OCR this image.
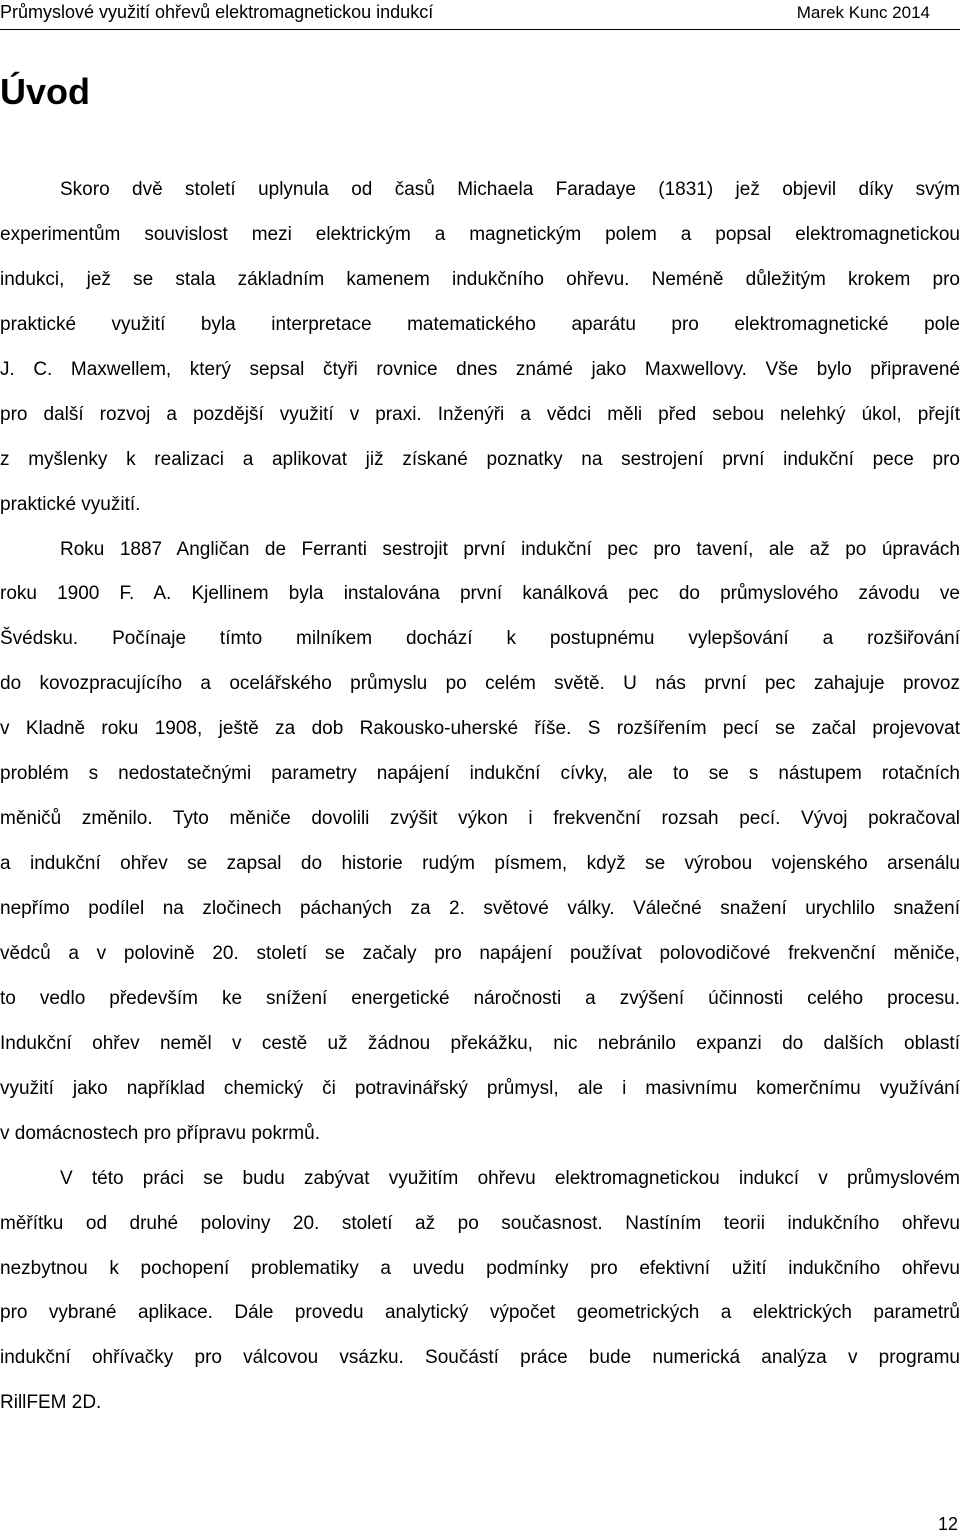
Průmyslové využití ohřevů elektromagnetickou indukcí	Marek Kunc 2014
Úvod
Skoro dvě století uplynula od časů Michaela Faradaye (1831) jež objevil díky svým
experimentům souvislost mezi elektrickým a magnetickým polem a popsal elektromagnetickou
indukci, jež se stala základním kamenem indukčního ohřevu. Neméně důležitým krokem pro
praktické využití byla interpretace matematického aparátu pro elektromagnetické pole
J. C. Maxwellem, který sepsal čtyři rovnice dnes známé jako Maxwellovy. Vše bylo připravené
pro další rozvoj a pozdější využití v praxi. Inženýři a vědci měli před sebou nelehký úkol, přejít
z myšlenky k realizaci a aplikovat již získané poznatky na sestrojení první indukční pece pro
praktické využití.
Roku 1887 Angličan de Ferranti sestrojit první indukční pec pro tavení, ale až po úpravách
roku 1900 F. A. Kjellinem byla instalována první kanálková pec do průmyslového závodu ve
Švédsku. Počínaje tímto milníkem dochází k postupnému vylepšování a rozšiřování
do kovozpracujícího a ocelářského průmyslu po celém světě. U nás první pec zahajuje provoz
v Kladně roku 1908, ještě za dob Rakousko-uherské říše. S rozšířením pecí se začal projevovat
problém s nedostatečnými parametry napájení indukční cívky, ale to se s nástupem rotačních
měničů změnilo. Tyto měniče dovolili zvýšit výkon i frekvenční rozsah pecí. Vývoj pokračoval
a indukční ohřev se zapsal do historie rudým písmem, když se výrobou vojenského arsenálu
nepřímo podílel na zločinech páchaných za 2. světové války. Válečné snažení urychlilo snažení
vědců a v polovině 20. století se začaly pro napájení používat polovodičové frekvenční měniče,
to vedlo především ke snížení energetické náročnosti a zvýšení účinnosti celého procesu.
Indukční ohřev neměl v cestě už žádnou překážku, nic nebránilo expanzi do dalších oblastí
využití jako například chemický či potravinářský průmysl, ale i masivnímu komerčnímu využívání
v domácnostech pro přípravu pokrmů.
V této práci se budu zabývat využitím ohřevu elektromagnetickou indukcí v průmyslovém
měřítku od druhé poloviny 20. století až po současnost. Nastíním teorii indukčního ohřevu
nezbytnou k pochopení problematiky a uvedu podmínky pro efektivní užití indukčního ohřevu
pro vybrané aplikace. Dále provedu analytický výpočet geometrických a elektrických parametrů
indukční ohřívačky pro válcovou vsázku. Součástí práce bude numerická analýza v programu
RillFEM 2D.
12
